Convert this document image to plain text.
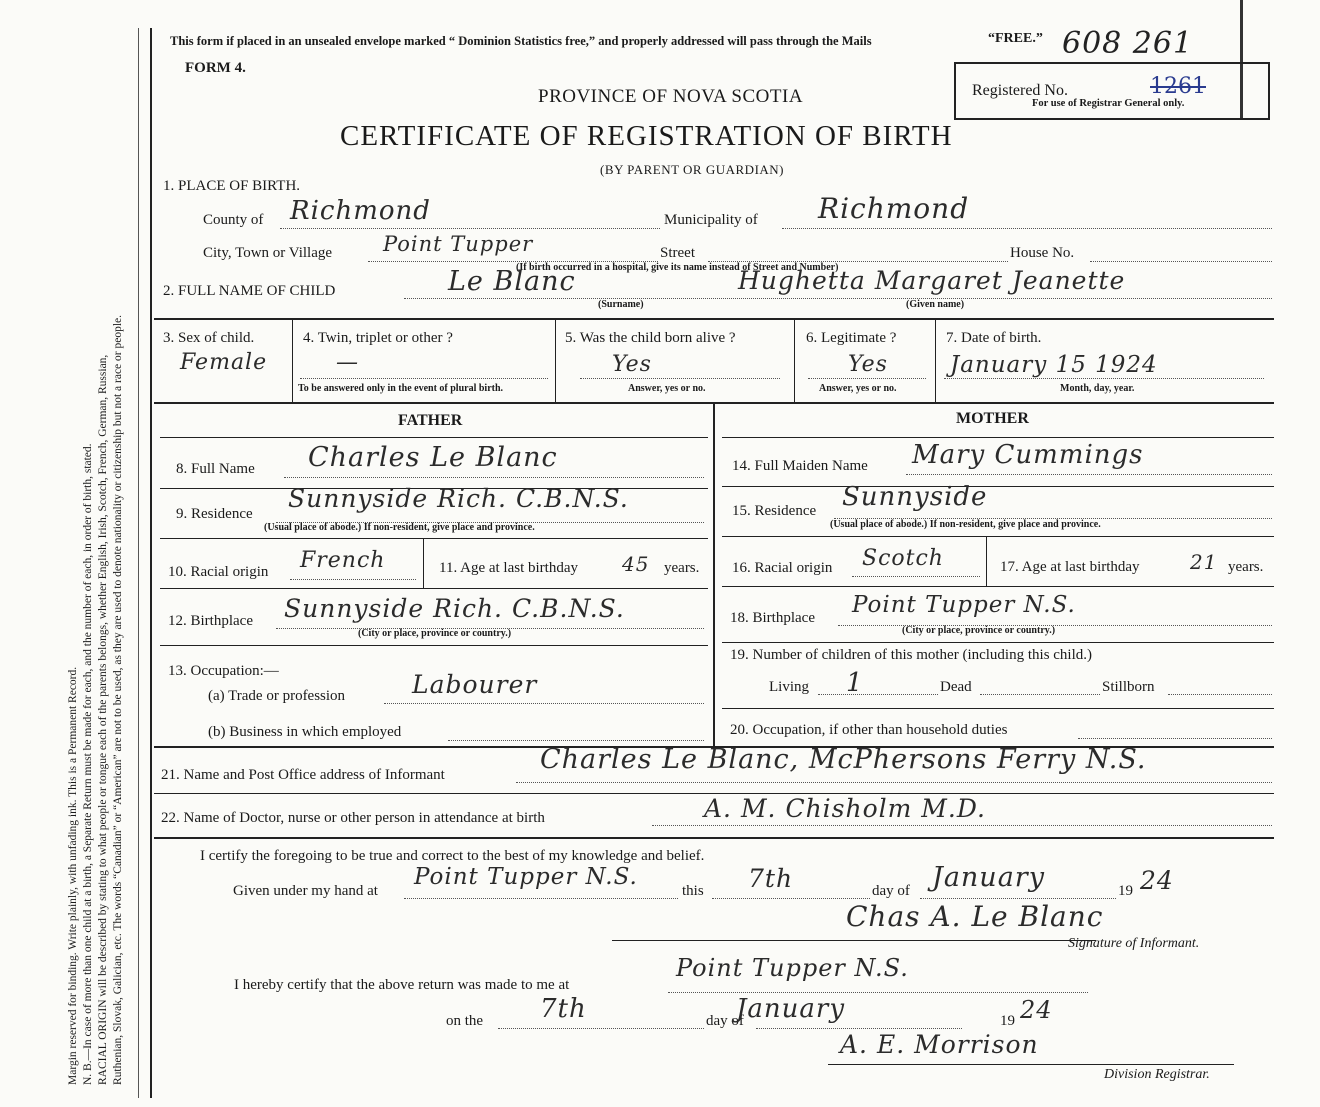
Margin reserved for binding. Write plainly, with unfading ink. This is a Permanent Record. N. B.—In case of more than one child at a birth, a Separate Return must be made for each, and the number of each, in order of birth, stated. RACIAL ORIGIN will be described by stating to what people or tongue each of the parents belongs, whether English, Irish, Scotch, French, German, Russian, Ruthenian, Slovak, Galician, etc. The words “Canadian” or “American” are not to be used, as they are used to denote nationality or citizenship but not a race or people.
This form if placed in an unsealed envelope marked “ Dominion Statistics free,” and properly addressed will pass through the Mails	“FREE.” 608 261
FORM 4.
Registered No.	1261
For use of Registrar General only.
PROVINCE OF NOVA SCOTIA
CERTIFICATE OF REGISTRATION OF BIRTH
(BY PARENT OR GUARDIAN)
1. PLACE OF BIRTH.
County of Richmond	Municipality of Richmond
City, Town or Village Point Tupper	Street	House No.
(If birth occurred in a hospital, give its name instead of Street and Number)
2. FULL NAME OF CHILD	Le Blanc	Hughetta Margaret Jeanette
(Surname)	(Given name)
3. Sex of child.
Female
4. Twin, triplet or other ?
—
To be answered only in the event of plural birth.
5. Was the child born alive ?
Yes
Answer, yes or no.
6. Legitimate ?
Yes
Answer, yes or no.
7. Date of birth.
January 15 1924
Month, day, year.
FATHER	MOTHER
8. Full Name Charles Le Blanc
9. Residence
Sunnyside Rich. C.B.N.S.
(Usual place of abode.) If non-resident, give place and province.
10. Racial origin French	11. Age at last birthday 45 years.
12. Birthplace Sunnyside Rich. C.B.N.S.
(City or place, province or country.)
13. Occupation:—
(a) Trade or profession	Labourer
(b) Business in which employed
14. Full Maiden Name Mary Cummings
15. Residence Sunnyside
(Usual place of abode.) If non-resident, give place and province.
16. Racial origin Scotch	17. Age at last birthday	21 years.
18. Birthplace Point Tupper N.S.
(City or place, province or country.)
19. Number of children of this mother (including this child.)
Living 1	Dead	Stillborn
20. Occupation, if other than household duties
21. Name and Post Office address of Informant	Charles Le Blanc, McPhersons Ferry N.S.
22. Name of Doctor, nurse or other person in attendance at birth	A. M. Chisholm M.D.
I certify the foregoing to be true and correct to the best of my knowledge and belief.
Given under my hand at
Point Tupper N.S.
this 7th	day of January	19 24
Chas A. Le Blanc
Signature of Informant.
I hereby certify that the above return was made to me at
Point Tupper N.S.
on the 7th	day of
January	19 24
A. E. Morrison
Division Registrar.
